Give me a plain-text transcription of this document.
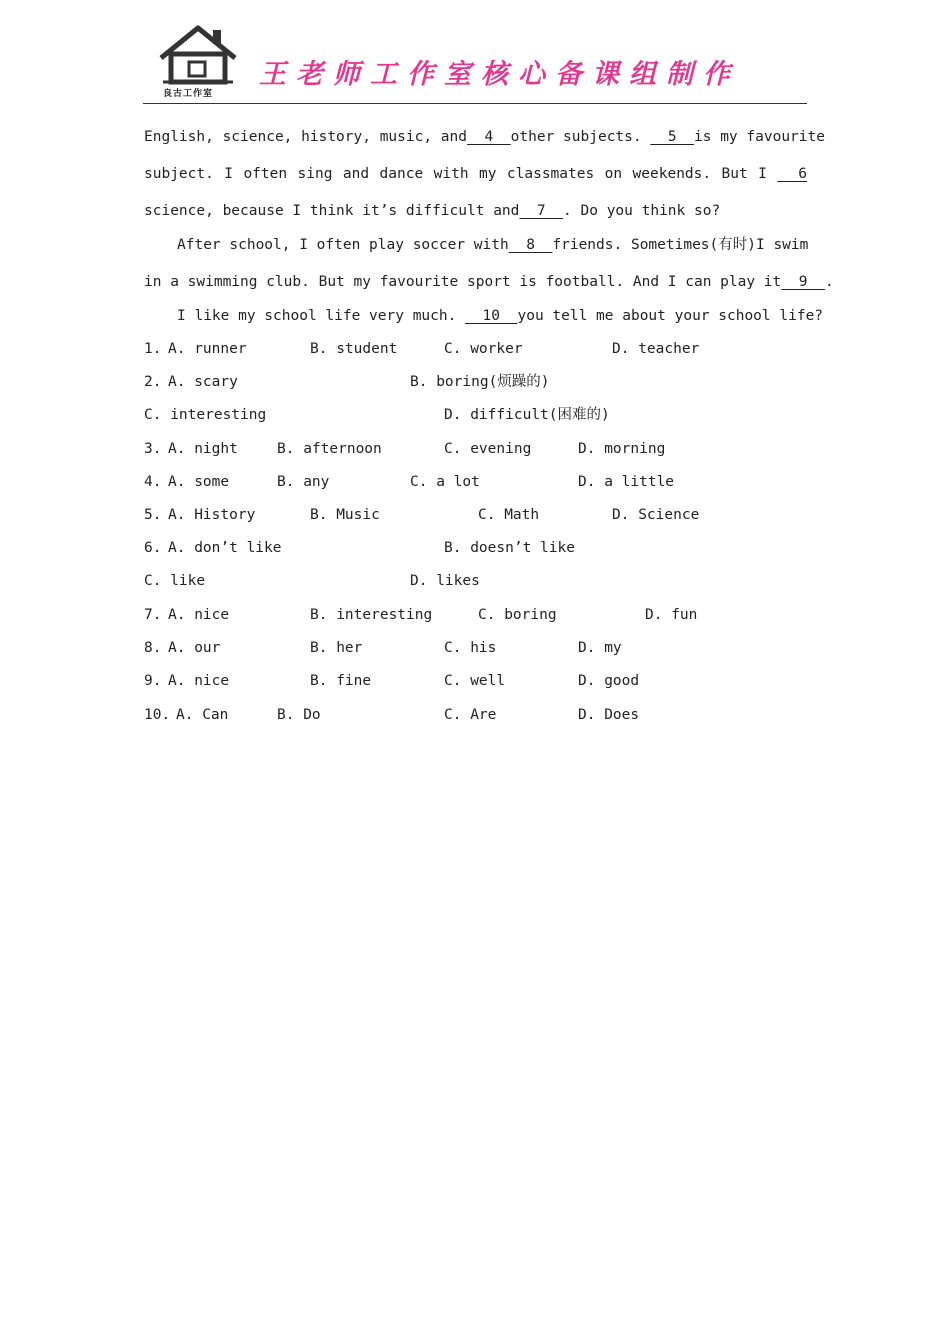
良古工作室
王老师工作室核心备课组制作
English, science, history, music, and  4  other subjects.   5  is my favourite
subject. I often sing and dance with my classmates on weekends. But I   6
science, because I think it’s difficult and  7  . Do you think so?
After school, I often play soccer with  8  friends. Sometimes(有时)I swim
in a swimming club. But my favourite sport is football. And I can play it  9  .
I like my school life very much.   10  you tell me about your school life?
1. A. runner	B. student	C. worker	D. teacher
2. A. scary	B. boring(烦躁的)
C. interesting	D. difficult(困难的)
3. A. night	B. afternoon	C. evening	D. morning
4. A. some	B. any	C. a lot	D. a little
5. A. History	B. Music	C. Math	D. Science
6. A. don’t like	B. doesn’t like
C. like	D. likes
7. A. nice	B. interesting	C. boring	D. fun
8. A. our	B. her	C. his	D. my
9. A. nice	B. fine	C. well	D. good
10. A. Can	B. Do	C. Are	D. Does
